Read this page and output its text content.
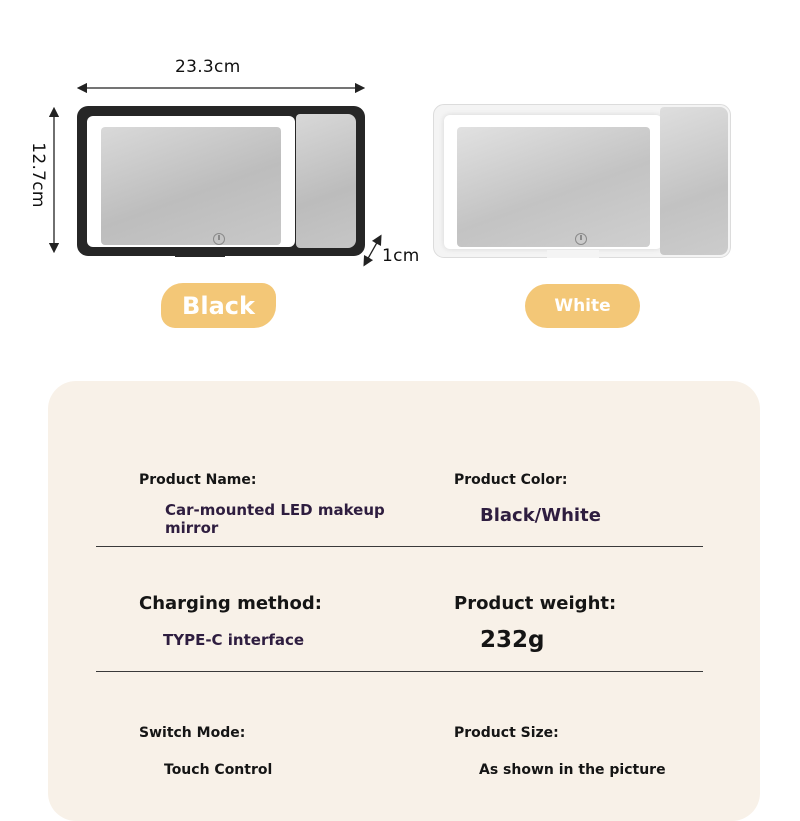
23.3cm
12.7cm
1cm
Black	White
Product Name:
Car-mounted LED makeup mirror
Product Color:
Black/White
Charging method:
TYPE-C interface
Product weight:
232g
Switch Mode:
Touch Control
Product Size:
As shown in the picture
